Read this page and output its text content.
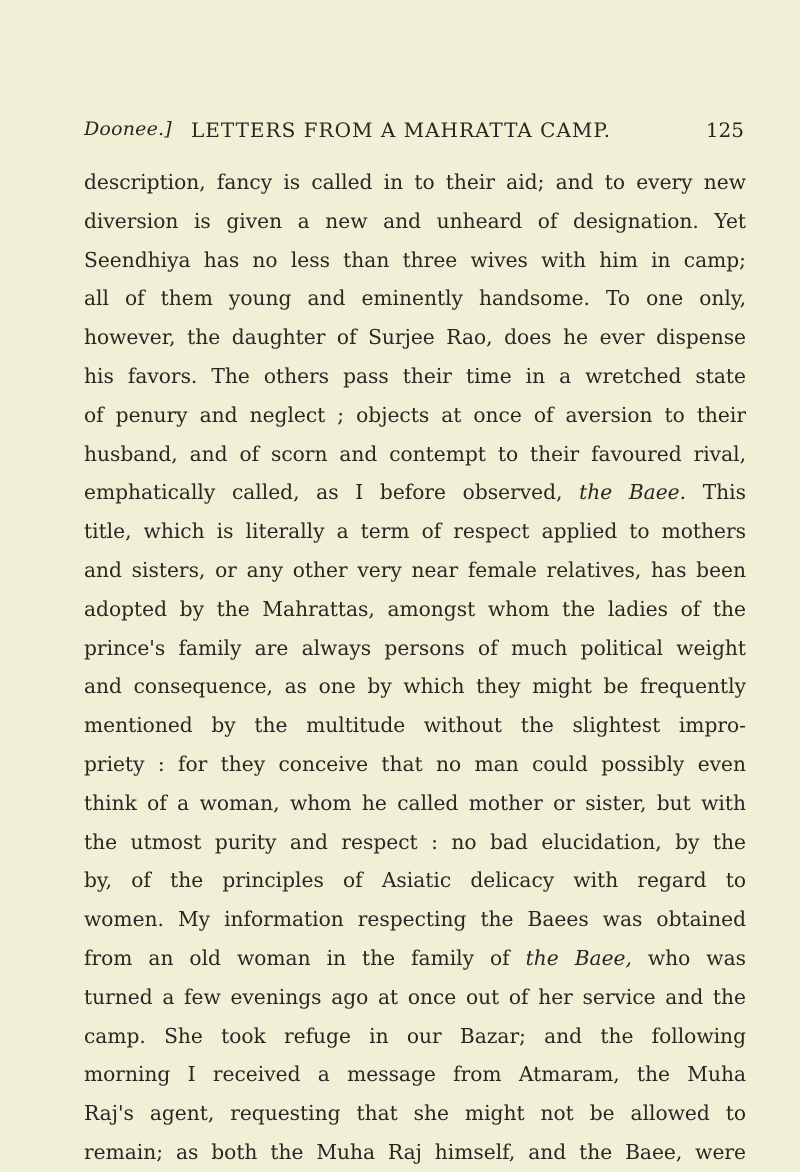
Doonee.] LETTERS FROM A MAHRATTA CAMP.	125
description, fancy is called in to their aid; and to every new
diversion is given a new and unheard of designation. Yet
Seendhiya has no less than three wives with him in camp;
all of them young and eminently handsome. To one only,
however, the daughter of Surjee Rao, does he ever dispense
his favors. The others pass their time in a wretched state
of penury and neglect ; objects at once of aversion to their
husband, and of scorn and contempt to their favoured rival,
emphatically called, as I before observed, the Baee. This
title, which is literally a term of respect applied to mothers
and sisters, or any other very near female relatives, has been
adopted by the Mahrattas, amongst whom the ladies of the
prince's family are always persons of much political weight
and consequence, as one by which they might be frequently
mentioned by the multitude without the slightest impro-
priety : for they conceive that no man could possibly even
think of a woman, whom he called mother or sister, but with
the utmost purity and respect : no bad elucidation, by the
by, of the principles of Asiatic delicacy with regard to
women. My information respecting the Baees was obtained
from an old woman in the family of the Baee, who was
turned a few evenings ago at once out of her service and the
camp. She took refuge in our Bazar; and the following
morning I received a message from Atmaram, the Muha
Raj's agent, requesting that she might not be allowed to
remain; as both the Muha Raj himself, and the Baee, were
